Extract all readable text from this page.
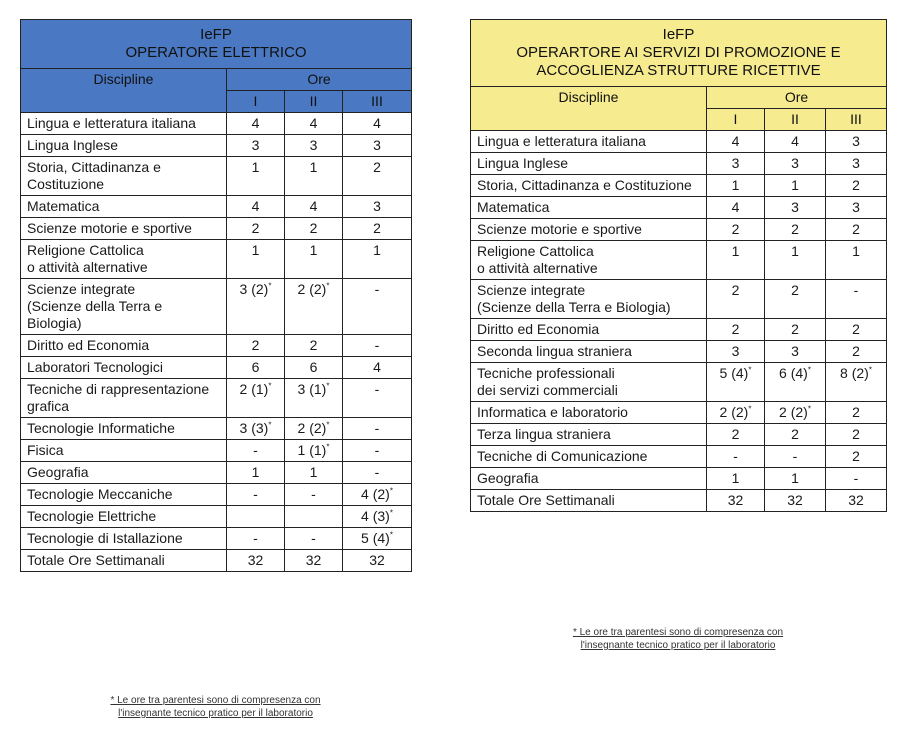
IeFP
OPERATORE ELETTRICO			

Discipline	Ore		
	I	II	III
Lingua e letteratura italiana	4	4	4
Lingua Inglese	3	3	3
Storia, Cittadinanza e Costituzione	1	1	2
Matematica	4	4	3
Scienze motorie e sportive	2	2	2
Religione Cattolica
o attività alternative	1	1	1
Scienze integrate
(Scienze della Terra e Biologia)	3 (2)*	2 (2)*	-
Diritto ed Economia	2	2	-
Laboratori Tecnologici	6	6	4
Tecniche di rappresentazione grafica	2 (1)*	3 (1)*	-
Tecnologie Informatiche	3 (3)*	2 (2)*	-
Fisica	-	1 (1)*	-
Geografia	1	1	-
Tecnologie Meccaniche	-	-	4 (2)*
Tecnologie Elettriche			4 (3)*
Tecnologie di Istallazione	-	-	5 (4)*
Totale Ore Settimanali	32	32	32
* Le ore tra parentesi sono di compresenza con
l'insegnante tecnico pratico per il laboratorio
IeFP
OPERARTORE AI SERVIZI DI PROMOZIONE E
ACCOGLIENZA STRUTTURE RICETTIVE			

Discipline	Ore		
	I	II	III
Lingua e letteratura italiana	4	4	3
Lingua Inglese	3	3	3
Storia, Cittadinanza e Costituzione	1	1	2
Matematica	4	3	3
Scienze motorie e sportive	2	2	2
Religione Cattolica
o attività alternative	1	1	1
Scienze integrate
(Scienze della Terra e Biologia)	2	2	-
Diritto ed Economia	2	2	2
Seconda lingua straniera	3	3	2
Tecniche professionali
dei servizi commerciali	5 (4)*	6 (4)*	8 (2)*
Informatica e laboratorio	2 (2)*	2 (2)*	2
Terza lingua straniera	2	2	2
Tecniche di Comunicazione	-	-	2
Geografia	1	1	-
Totale Ore Settimanali	32	32	32
* Le ore tra parentesi sono di compresenza con
l'insegnante tecnico pratico per il laboratorio
